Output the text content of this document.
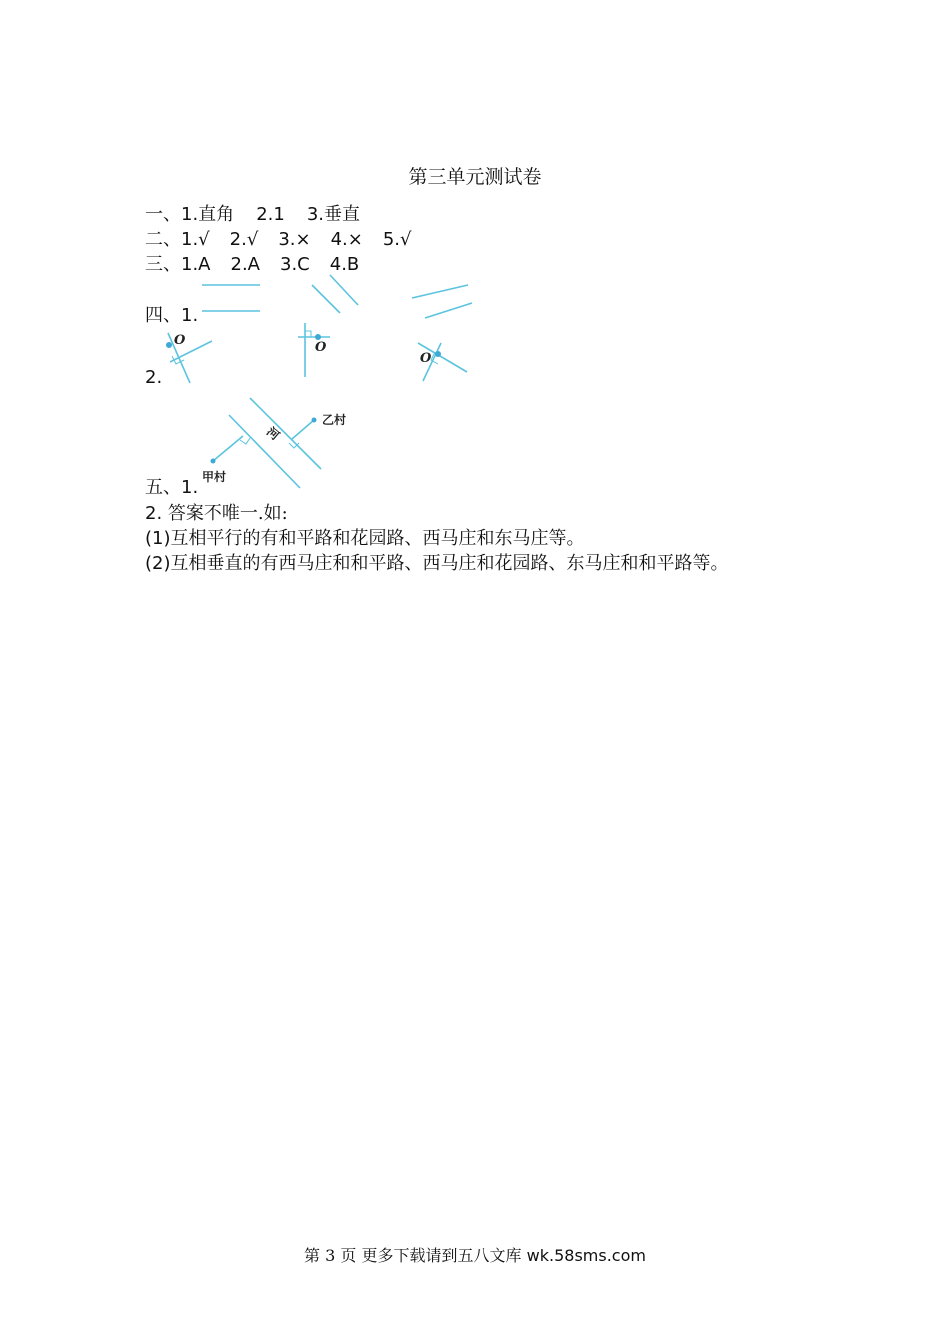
第三单元测试卷
一、1.直角 2.1 3.垂直
二、1.√ 2.√ 3.× 4.× 5.√
三、1.A 2.A 3.C 4.B
四、1.
2.
五、1.
2. 答案不唯一.如:
(1)互相平行的有和平路和花园路、西马庄和东马庄等。
(2)互相垂直的有西马庄和和平路、西马庄和花园路、东马庄和和平路等。
O	O
O
甲村
乙村
河
第 3 页 更多下载请到五八文库 wk.58sms.com
